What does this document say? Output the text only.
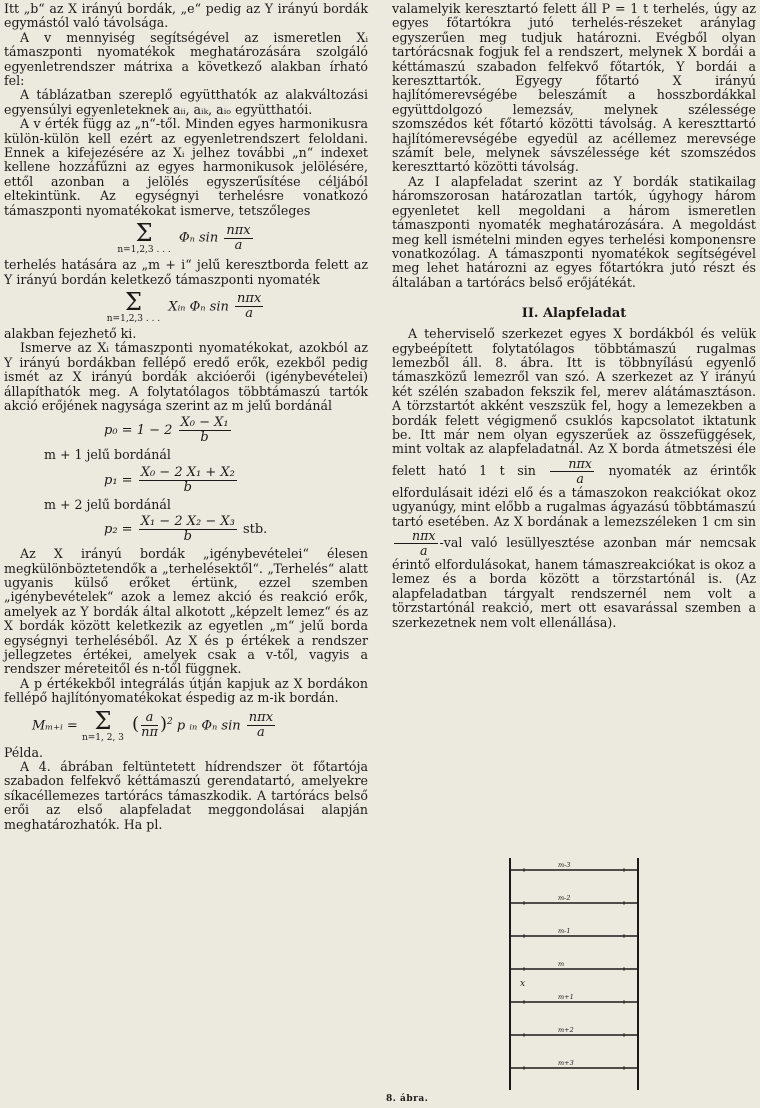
Itt „b“ az X irányú bordák, „e“ pedig az Y irányú bordák egymástól való távolsága.

A v mennyiség segítségével az ismeretlen Xᵢ támaszponti nyomatékok meghatározására szolgáló egyenletrendszer mátrixa a következő alakban írható fel:

A táblázatban szereplő együtthatók az alakváltozási egyensúlyi egyenleteknek aᵢᵢ, aᵢₖ, aᵢₒ együtthatói.

A v érték függ az „n“-től. Minden egyes harmonikusra külön-külön kell ezért az egyenletrendszert feloldani. Ennek a kifejezésére az Xᵢ jelhez további „n“ indexet kellene hozzáfűzni az egyes harmonikusok jelölésére, ettől azonban a jelölés egyszerűsítése céljából eltekintünk. Az egységnyi terhelésre vonatkozó támaszponti nyomatékokat ismerve, tetszőleges

Σ
n=1,2,3 . . .
Φₙ $\sin \frac{\text{nπx}}{a}$

terhelés hatására az „m + i“ jelű keresztborda felett az Y irányú bordán keletkező támaszponti nyomaték

Σ
n=1,2,3 . . .
Xᵢₙ Φₙ $\sin \frac{\text{nπx}}{a}$

alakban fejezhető ki.

Ismerve az Xᵢ támaszponti nyomatékokat, azokból az Y irányú bordákban fellépő eredő erők, ezekből pedig ismét az X irányú bordák akcióerői (igénybevételei) állapíthatók meg. A folytatólagos többtámaszú tartók akció erőjének nagysága szerint az m jelű bordánál

$p_0 = 1 - 2 \frac{\text{X₀ − X₁}}{b}$

m + 1 jelű bordánál

$p_1 = \frac{\text{X₀ − 2 X₁ + X₂}}{b}$

m + 2 jelű bordánál

$p_2 = \frac{\text{X₁ − 2 X₂ − X₃}}{b}$ stb.

Az X irányú bordák „igénybevételei“ élesen megkülönböztetendők a „terhelésektől“. „Terhelés“ alatt ugyanis külső erőket értünk, ezzel szemben „igénybevételek“ azok a lemez akció és reakció erők, amelyek az Y bordák által alkotott „képzelt lemez“ és az X bordák között keletkezik az egyetlen „m“ jelű borda egységnyi terheléséből. Az X és p értékek a rendszer jellegzetes értékei, amelyek csak a v-től, vagyis a rendszer méreteitől és n-től függnek.

A p értékekből integrálás útján kapjuk az X bordákon fellépő hajlítónyomatékokat éspedig az m-ik bordán.

Mₘ₊ᵢ = Σ
n=1, 2, 3
( $\frac{a}{n\pi} )^2$ p ᵢₙ Φₙ $\sin \frac{\text{nπx}}{a}$

Példa.

A 4. ábrában feltüntetett hídrendszer öt főtartója szabadon felfekvő kéttámaszú gerendatartó, amelyekre síkacéllemezes tartórács támaszkodik. A tartórács belső erői az első alapfeladat meggondolásai alapján meghatározhatók. Ha pl.

valamelyik keresztartó felett áll P = 1 t terhelés, úgy az egyes főtartókra jutó terhelés-részeket aránylag egyszerűen meg tudjuk határozni. Evégből olyan tartórácsnak fogjuk fel a rendszert, melynek X bordái a kéttámaszú szabadon felfekvő főtartók, Y bordái a kereszttartók. Egyegy főtartó X irányú hajlítómerevségébe beleszámít a hosszbordákkal együttdolgozó lemezsáv, melynek szélessége szomszédos két főtartó közötti távolság. A kereszttartó hajlítómerevségébe egyedül az acéllemez merevsége számít bele, melynek sávszélessége két szomszédos kereszttartó közötti távolság.

Az I alapfeladat szerint az Y bordák statikailag háromszorosan határozatlan tartók, úgyhogy három egyenletet kell megoldani a három ismeretlen támaszponti nyomaték meghatározására. A megoldást meg kell ismételni minden egyes terhelési komponensre vonatkozólag. A támaszponti nyomatékok segítségével meg lehet határozni az egyes főtartókra jutó részt és általában a tartórács belső erőjátékát.

II. Alapfeladat

A teherviselő szerkezet egyes X bordákból és velük egybeépített folytatólagos többtámaszú rugalmas lemezből áll. 8. ábra. Itt is többnyílású egyenlő támaszközű lemezről van szó. A szerkezet az Y irányú két szélén szabadon fekszik fel, merev alátámasztáson. A törzstartót akként veszszük fel, hogy a lemezekben a bordák felett végigmenő csuklós kapcsolatot iktatunk be. Itt már nem olyan egyszerűek az összefüggések, mint voltak az alapfeladatnál. Az X borda átmetszési éle felett ható 1 t $\sin \frac{\text{nπx}}{a}$ nyomaték az érintők elfordulásait idézi elő és a támaszokon reakciókat okoz ugyanúgy, mint előbb a rugalmas ágyazású többtámaszú tartó esetében. Az X bordának a lemezszéleken 1 cm sin
$\frac{\text{nπx}}{a} -val$ való lesüllyesztése azonban már nemcsak érintő elfordulásokat, hanem támaszreakciókat is okoz a lemez és a borda között a törzstartónál is. (Az alapfeladatban tárgyalt rendszernél nem volt a törzstartónál reakció, mert ott esavarással szemben a szerkezetnek nem volt ellenállása).

m-3
m-2
m-1
m
m+1
m+2
m+3
x
8. ábra.
